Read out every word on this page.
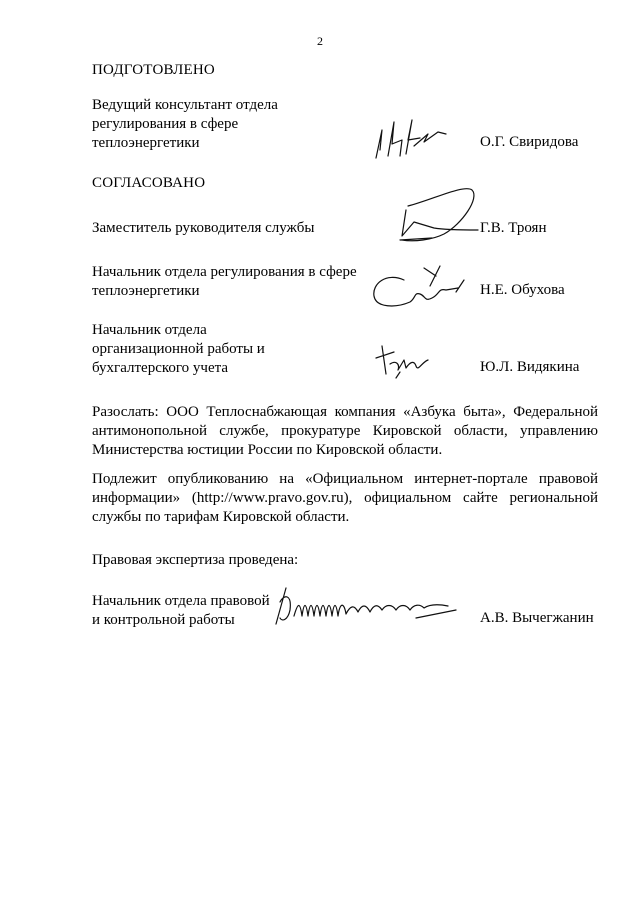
2
ПОДГОТОВЛЕНО
Ведущий консультант отдела
регулирования в сфере
теплоэнергетики	О.Г. Свиридова
СОГЛАСОВАНО
Заместитель руководителя службы	Г.В. Троян
Начальник отдела регулирования в сфере
теплоэнергетики	Н.Е. Обухова
Начальник отдела
организационной работы и
бухгалтерского учета	Ю.Л. Видякина
Разослать: ООО Теплоснабжающая компания «Азбука быта», Федеральной
антимонопольной службе, прокуратуре Кировской области, управлению
Министерства юстиции России по Кировской области.
Подлежит опубликованию на «Официальном интернет-портале правовой
информации» (http://www.pravo.gov.ru), официальном сайте региональной
службы по тарифам Кировской области.
Правовая экспертиза проведена:
Начальник отдела правовой
и контрольной работы	А.В. Вычегжанин
